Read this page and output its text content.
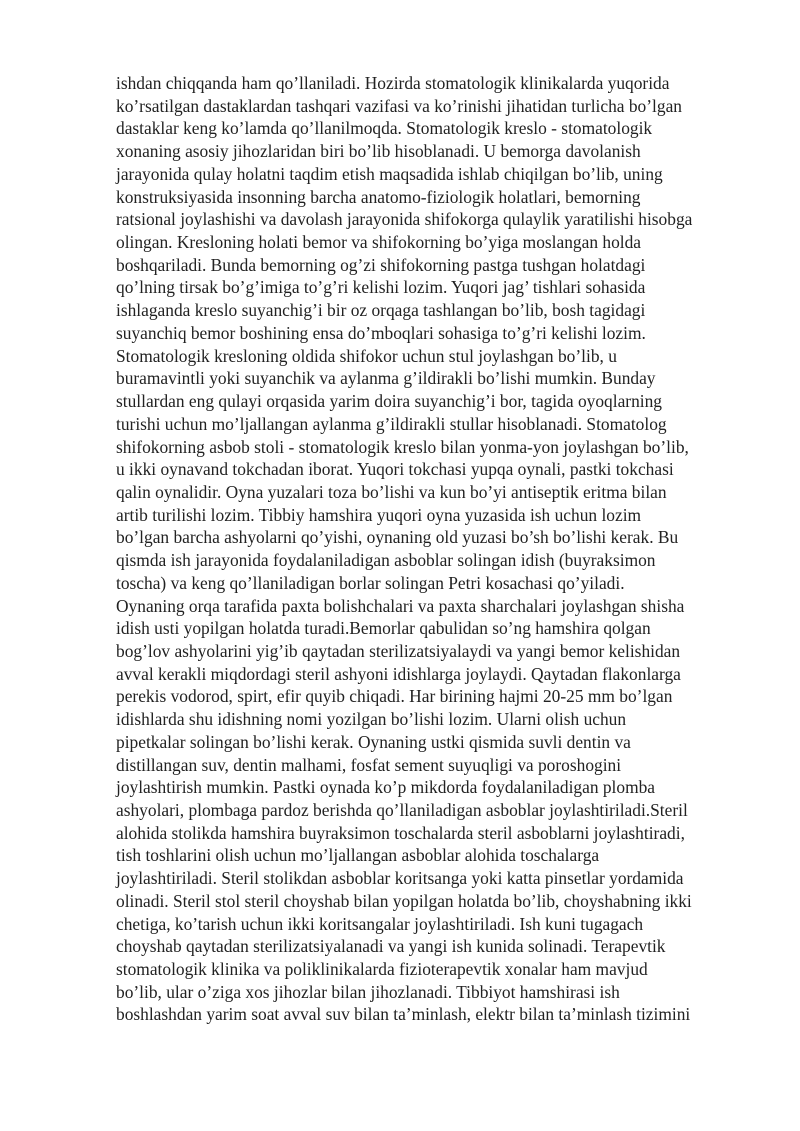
ishdan chiqqanda ham qo’llaniladi. Hozirda stomatologik klinikalarda yuqorida
ko’rsatilgan dastaklardan tashqari vazifasi va ko’rinishi jihatidan turlicha bo’lgan
dastaklar keng ko’lamda qo’llanilmoqda. Stomatologik kreslo - stomatologik
xonaning asosiy jihozlaridan biri bo’lib hisoblanadi. U bemorga davolanish
jarayonida qulay holatni taqdim etish maqsadida ishlab chiqilgan bo’lib, uning
konstruksiyasida insonning barcha anatomo-fiziologik holatlari, bemorning
ratsional joylashishi va davolash jarayonida shifokorga qulaylik yaratilishi hisobga
olingan. Kresloning holati bemor va shifokorning bo’yiga moslangan holda
boshqariladi. Bunda bemorning og’zi shifokorning pastga tushgan holatdagi
qo’lning tirsak bo’g’imiga to’g’ri kelishi lozim. Yuqori jag’ tishlari sohasida
ishlaganda kreslo suyanchig’i bir oz orqaga tashlangan bo’lib, bosh tagidagi
suyanchiq bemor boshining ensa do’mboqlari sohasiga to’g’ri kelishi lozim.
Stomatologik kresloning oldida shifokor uchun stul joylashgan bo’lib, u
buramavintli yoki suyanchik va aylanma g’ildirakli bo’lishi mumkin. Bunday
stullardan eng qulayi orqasida yarim doira suyanchig’i bor, tagida oyoqlarning
turishi uchun mo’ljallangan aylanma g’ildirakli stullar hisoblanadi. Stomatolog
shifokorning asbob stoli - stomatologik kreslo bilan yonma-yon joylashgan bo’lib,
u ikki oynavand tokchadan iborat. Yuqori tokchasi yupqa oynali, pastki tokchasi
qalin oynalidir. Oyna yuzalari toza bo’lishi va kun bo’yi antiseptik eritma bilan
artib turilishi lozim. Tibbiy hamshira yuqori oyna yuzasida ish uchun lozim
bo’lgan barcha ashyolarni qo’yishi, oynaning old yuzasi bo’sh bo’lishi kerak. Bu
qismda ish jarayonida foydalaniladigan asboblar solingan idish (buyraksimon
toscha) va keng qo’llaniladigan borlar solingan Petri kosachasi qo’yiladi.
Oynaning orqa tarafida paxta bolishchalari va paxta sharchalari joylashgan shisha
idish usti yopilgan holatda turadi.Bemorlar qabulidan so’ng hamshira qolgan
bog’lov ashyolarini yig’ib qaytadan sterilizatsiyalaydi va yangi bemor kelishidan
avval kerakli miqdordagi steril ashyoni idishlarga joylaydi. Qaytadan flakonlarga
perekis vodorod, spirt, efir quyib chiqadi. Har birining hajmi 20-25 mm bo’lgan
idishlarda shu idishning nomi yozilgan bo’lishi lozim. Ularni olish uchun
pipetkalar solingan bo’lishi kerak. Oynaning ustki qismida suvli dentin va
distillangan suv, dentin malhami, fosfat sement suyuqligi va poroshogini
joylashtirish mumkin. Pastki oynada ko’p mikdorda foydalaniladigan plomba
ashyolari, plombaga pardoz berishda qo’llaniladigan asboblar joylashtiriladi.Steril
alohida stolikda hamshira buyraksimon toschalarda steril asboblarni joylashtiradi,
tish toshlarini olish uchun mo’ljallangan asboblar alohida toschalarga
joylashtiriladi. Steril stolikdan asboblar koritsanga yoki katta pinsetlar yordamida
olinadi. Steril stol steril choyshab bilan yopilgan holatda bo’lib, choyshabning ikki
chetiga, ko’tarish uchun ikki koritsangalar joylashtiriladi. Ish kuni tugagach
choyshab qaytadan sterilizatsiyalanadi va yangi ish kunida solinadi. Terapevtik
stomatologik klinika va poliklinikalarda fizioterapevtik xonalar ham mavjud
bo’lib, ular o’ziga xos jihozlar bilan jihozlanadi. Tibbiyot hamshirasi ish
boshlashdan yarim soat avval suv bilan ta’minlash, elektr bilan ta’minlash tizimini
